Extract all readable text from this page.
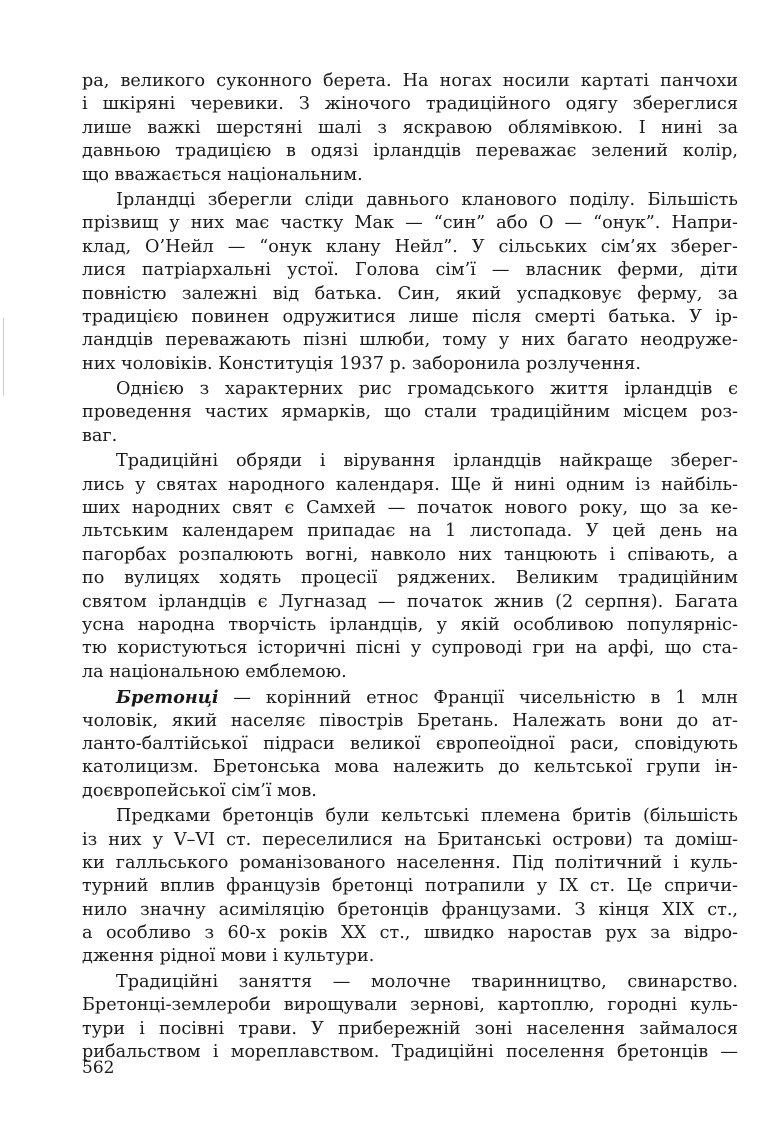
ра, великого суконного берета. На ногах носили картаті панчохи
і шкіряні черевики. З жіночого традиційного одягу збереглися
лише важкі шерстяні шалі з яскравою облямівкою. І нині за
давньою традицією в одязі ірландців переважає зелений колір,
що вважається національним.
Ірландці зберегли сліди давнього кланового поділу. Більшість
прізвищ у них має частку Мак — “син” або О — “онук”. Напри-
клад, О’Нейл — “онук клану Нейл”. У сільських сім’ях зберег-
лися патріархальні устої. Голова сім’ї — власник ферми, діти
повністю залежні від батька. Син, який успадковує ферму, за
традицією повинен одружитися лише після смерті батька. У ір-
ландців переважають пізні шлюби, тому у них багато неодруже-
них чоловіків. Конституція 1937 р. заборонила розлучення.
Однією з характерних рис громадського життя ірландців є
проведення частих ярмарків, що стали традиційним місцем роз-
ваг.
Традиційні обряди і вірування ірландців найкраще зберег-
лись у святах народного календаря. Ще й нині одним із найбіль-
ших народних свят є Самхей — початок нового року, що за ке-
льтським календарем припадає на 1 листопада. У цей день на
пагорбах розпалюють вогні, навколо них танцюють і співають, а
по вулицях ходять процесії ряджених. Великим традиційним
святом ірландців є Лугназад — початок жнив (2 серпня). Багата
усна народна творчість ірландців, у якій особливою популярніс-
тю користуються історичні пісні у супроводі гри на арфі, що ста-
ла національною емблемою.
Бретонці — корінний етнос Франції чисельністю в 1 млн
чоловік, який населяє півострів Бретань. Належать вони до ат-
ланто-балтійської підраси великої європеоїдної раси, сповідують
католицизм. Бретонська мова належить до кельтської групи ін-
доєвропейської сім’ї мов.
Предками бретонців були кельтські племена бритів (більшість
із них у V–VI ст. переселилися на Британські острови) та доміш-
ки галльського романізованого населення. Під політичний і куль-
турний вплив французів бретонці потрапили у IX ст. Це спричи-
нило значну асиміляцію бретонців французами. З кінця XIX ст.,
а особливо з 60-х років XX ст., швидко наростав рух за відро-
дження рідної мови і культури.
Традиційні заняття — молочне тваринництво, свинарство.
Бретонці-землероби вирощували зернові, картоплю, городні куль-
тури і посівні трави. У прибережній зоні населення займалося
рибальством і мореплавством. Традиційні поселення бретонців —
562
